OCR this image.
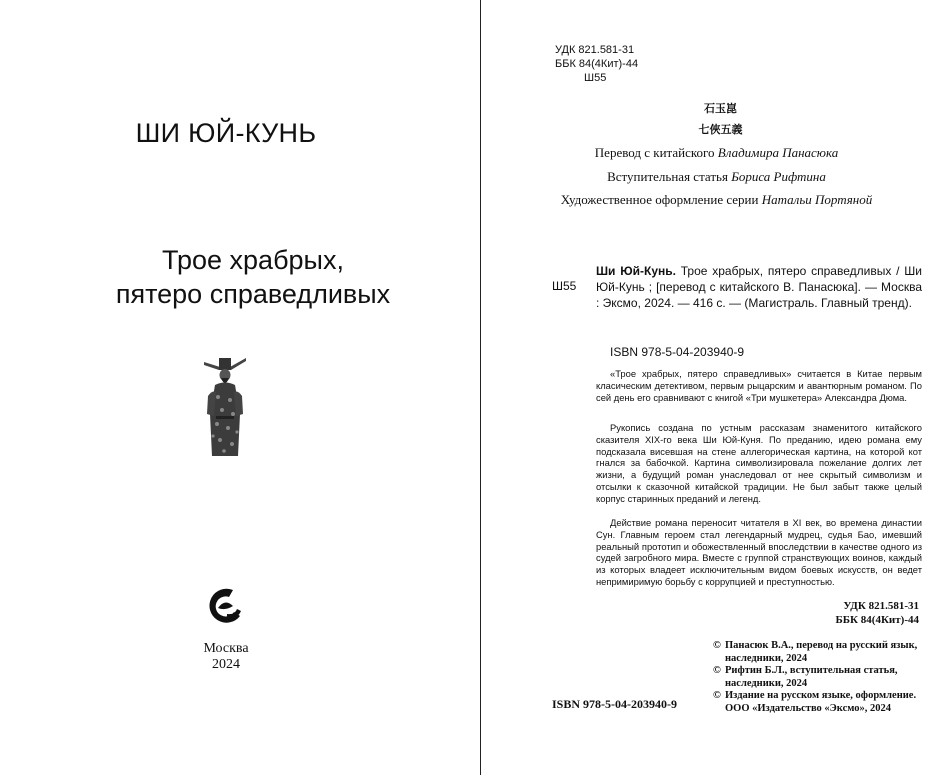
ШИ ЮЙ-КУНЬ
Трое храбрых,
пятеро справедливых
Москва
2024
УДК 821.581-31
ББК 84(4Кит)-44
Ш55
石玉崑
七俠五義
Перевод с китайского Владимира Панасюка
Вступительная статья Бориса Рифтина
Художественное оформление серии Натальи Портяной
Ш55
Ши Юй-Кунь. Трое храбрых, пятеро справедливых / Ши Юй-Кунь ; [перевод с китайского В. Панасюка]. — Москва : Эксмо, 2024. — 416 с. — (Магистраль. Главный тренд).
ISBN 978-5-04-203940-9
«Трое храбрых, пятеро справедливых» считается в Китае первым класическим детективом, первым рыцарским и авантюрным романом. По сей день его сравнивают с книгой «Три мушкетера» Александра Дюма.
Рукопись создана по устным рассказам знаменитого китайского сказителя XIX-го века Ши Юй-Куня. По преданию, идею романа ему подсказала висевшая на стене аллегорическая картина, на которой кот гнался за бабочкой. Картина символизировала пожелание долгих лет жизни, а будущий роман унаследовал от нее скрытый символизм и отсылки к сказочной китайской традиции. Не был забыт также целый корпус старинных преданий и легенд.
Действие романа переносит читателя в XI век, во времена династии Сун. Главным героем стал легендарный мудрец, судья Бао, имевший реальный прототип и обожествленный впоследствии в качестве одного из судей загробного мира. Вместе с группой странствующих воинов, каждый из которых владеет исключительным видом боевых искусств, он ведет непримиримую борьбу с коррупцией и преступностью.
УДК 821.581-31
ББК 84(4Кит)-44
© Панасюк В.А., перевод на русский язык, наследники, 2024
© Рифтин Б.Л., вступительная статья, наследники, 2024
© Издание на русском языке, оформление. ООО «Издательство «Эксмо», 2024
ISBN 978-5-04-203940-9
